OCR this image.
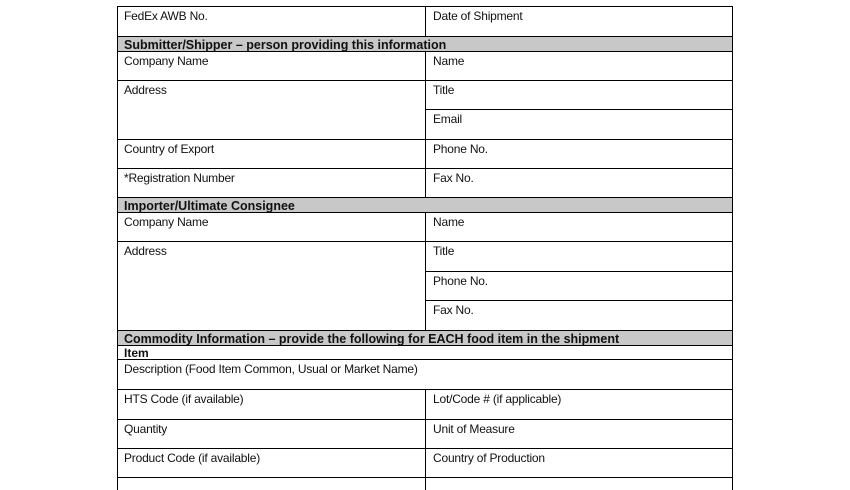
FedEx AWB No.	Date of Shipment
Submitter/Shipper – person providing this information
Company Name	Name
Address	Title
Email
Country of Export	Phone No.
*Registration Number	Fax No.
Importer/Ultimate Consignee
Company Name	Name
Address	Title
Phone No.
Fax No.
Commodity Information – provide the following for EACH food item in the shipment
Item
Description (Food Item Common, Usual or Market Name)
HTS Code (if available)	Lot/Code # (if applicable)
Quantity	Unit of Measure
Product Code (if available)	Country of Production
